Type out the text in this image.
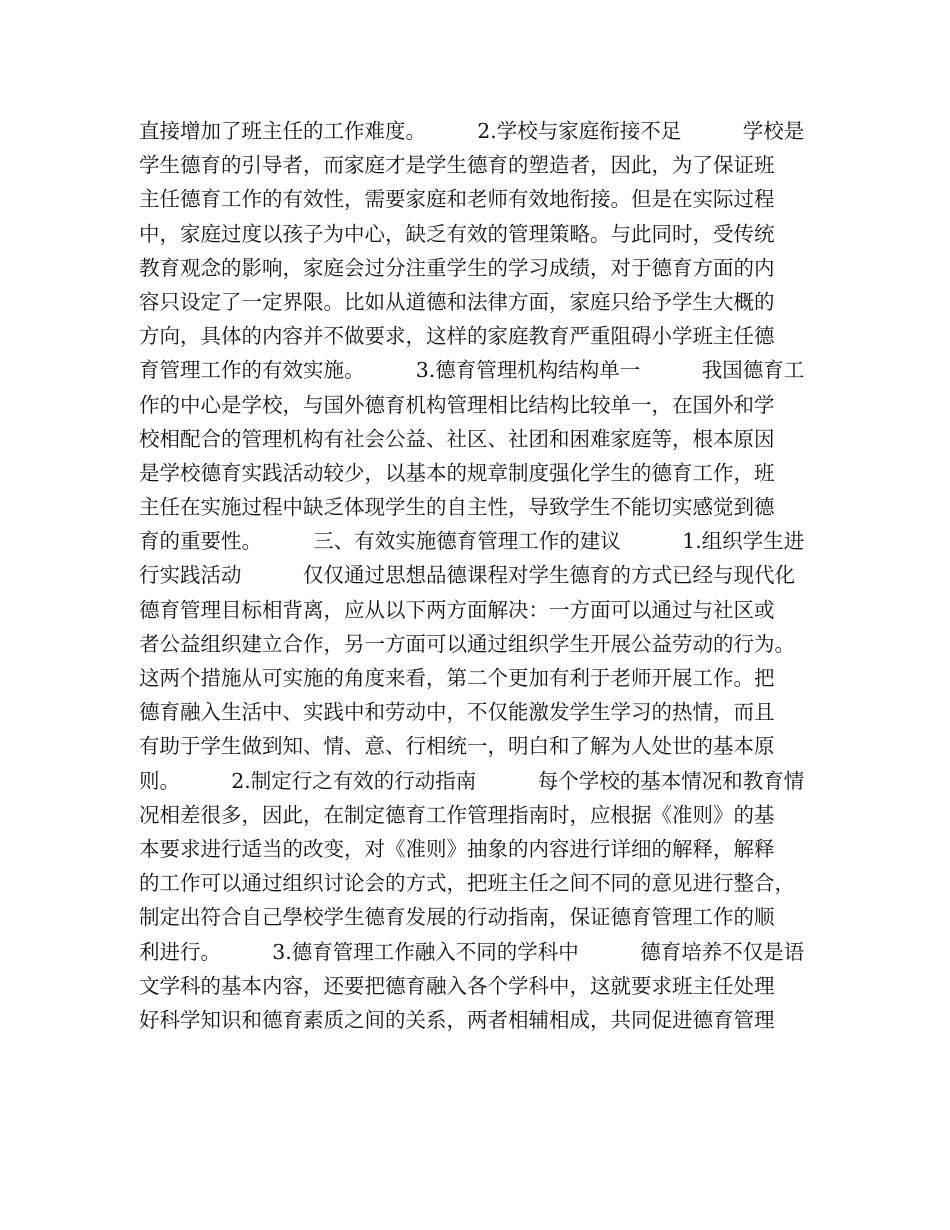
直接增加了班主任的工作难度。　　　2.学校与家庭衔接不足　　　学校是
学生德育的引导者，而家庭才是学生德育的塑造者，因此，为了保证班
主任德育工作的有效性，需要家庭和老师有效地衔接。但是在实际过程
中，家庭过度以孩子为中心，缺乏有效的管理策略。与此同时，受传统
教育观念的影响，家庭会过分注重学生的学习成绩，对于德育方面的内
容只设定了一定界限。比如从道德和法律方面，家庭只给予学生大概的
方向，具体的内容并不做要求，这样的家庭教育严重阻碍小学班主任德
育管理工作的有效实施。　　　3.德育管理机构结构单一　　　我国德育工
作的中心是学校，与国外德育机构管理相比结构比较单一，在国外和学
校相配合的管理机构有社会公益、社区、社团和困难家庭等，根本原因
是学校德育实践活动较少，以基本的规章制度强化学生的德育工作，班
主任在实施过程中缺乏体现学生的自主性，导致学生不能切实感觉到德
育的重要性。　　　三、有效实施德育管理工作的建议　　　1.组织学生进
行实践活动　　　仅仅通过思想品德课程对学生德育的方式已经与现代化
德育管理目标相背离，应从以下两方面解决：一方面可以通过与社区或
者公益组织建立合作，另一方面可以通过组织学生开展公益劳动的行为。
这两个措施从可实施的角度来看，第二个更加有利于老师开展工作。把
德育融入生活中、实践中和劳动中，不仅能激发学生学习的热情，而且
有助于学生做到知、情、意、行相统一，明白和了解为人处世的基本原
则。　　　2.制定行之有效的行动指南　　　每个学校的基本情况和教育情
况相差很多，因此，在制定德育工作管理指南时，应根据《准则》的基
本要求进行适当的改变，对《准则》抽象的内容进行详细的解释，解释
的工作可以通过组织讨论会的方式，把班主任之间不同的意见进行整合，
制定出符合自己學校学生德育发展的行动指南，保证德育管理工作的顺
利进行。　　　3.德育管理工作融入不同的学科中　　　德育培养不仅是语
文学科的基本内容，还要把德育融入各个学科中，这就要求班主任处理
好科学知识和德育素质之间的关系，两者相辅相成，共同促进德育管理
